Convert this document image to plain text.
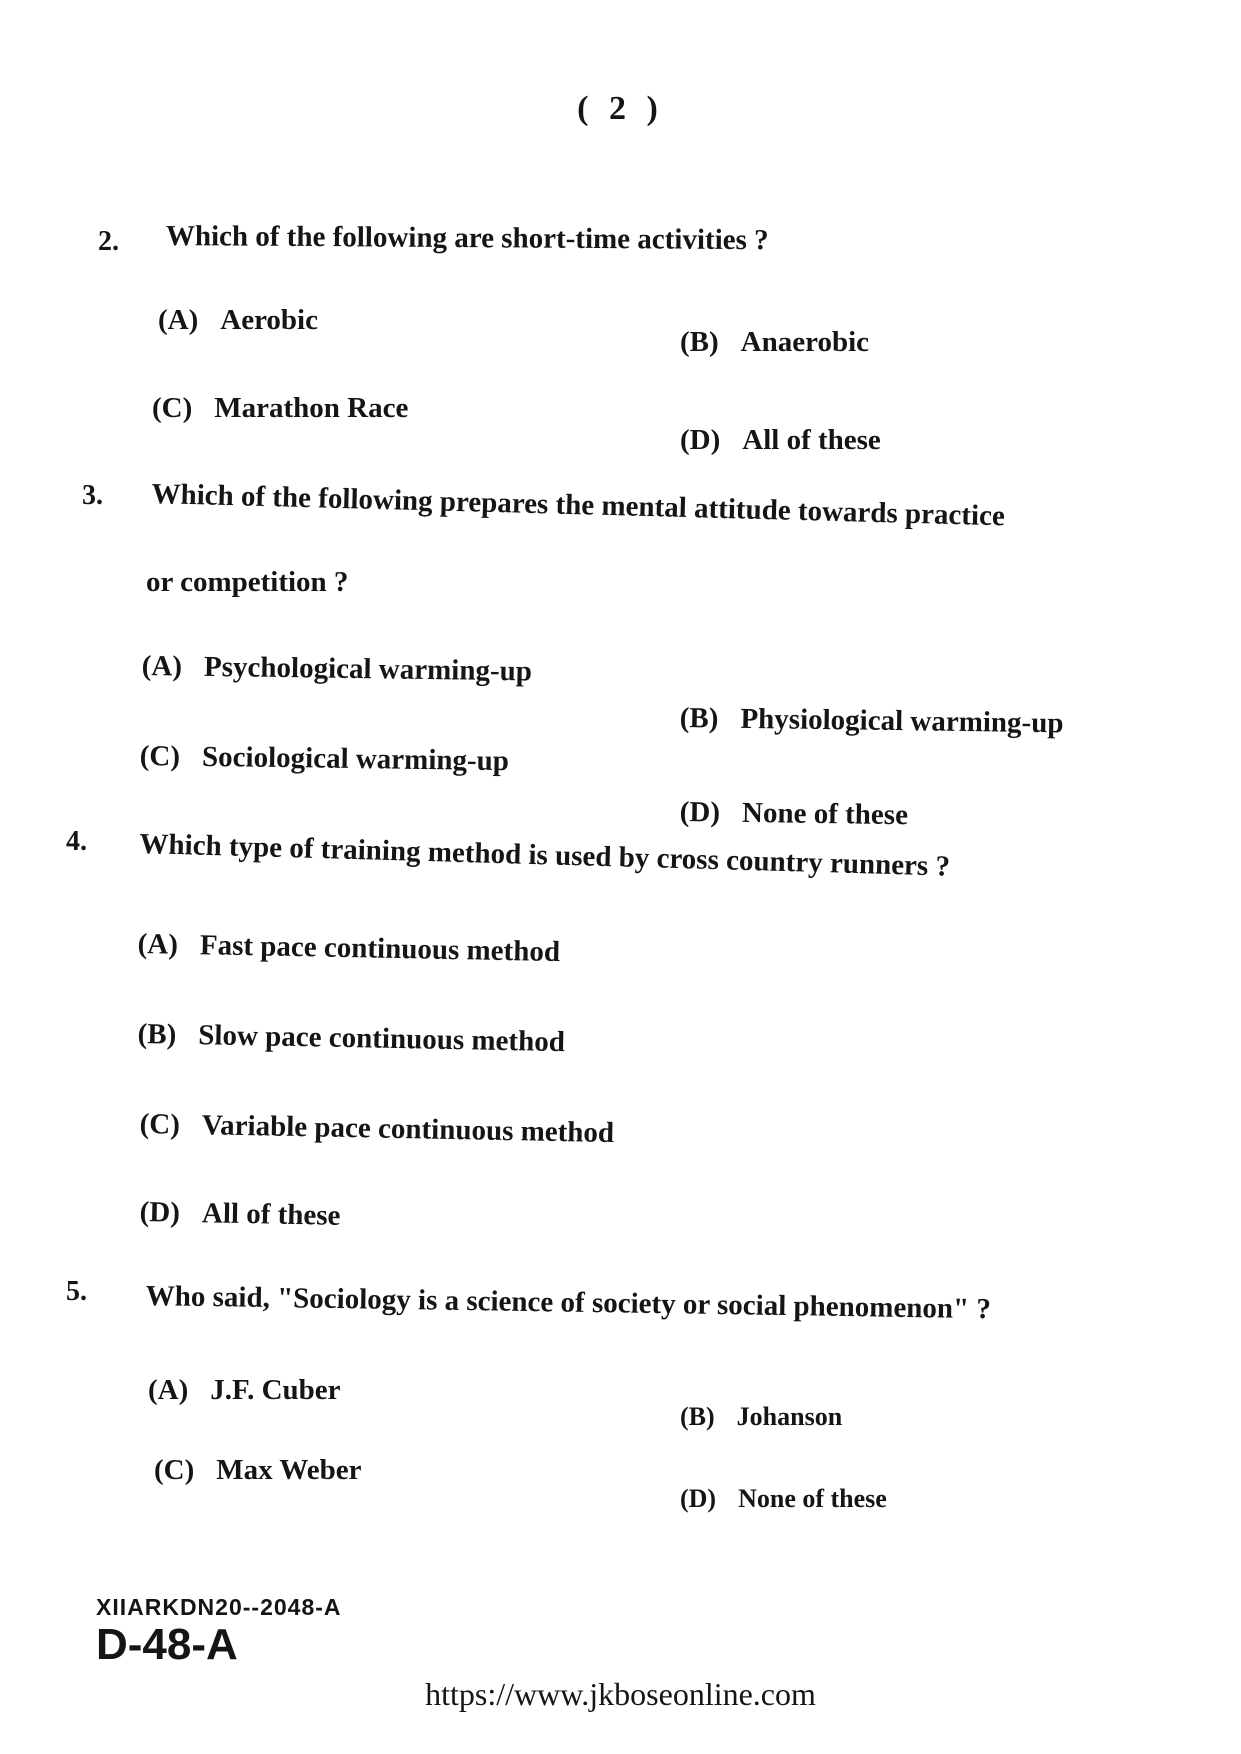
( 2 )
2. Which of the following are short-time activities ?
(A) Aerobic
(B) Anaerobic
(C) Marathon Race
(D) All of these
3. Which of the following prepares the mental attitude towards practice
or competition ?
(A) Psychological warming-up
(B) Physiological warming-up
(C) Sociological warming-up
(D) None of these
4. Which type of training method is used by cross country runners ?
(A) Fast pace continuous method
(B) Slow pace continuous method
(C) Variable pace continuous method
(D) All of these
5. Who said, "Sociology is a science of society or social phenomenon" ?
(A) J.F. Cuber
(B) Johanson
(C) Max Weber
(D) None of these
XIIARKDN20--2048-A
D-48-A
https://www.jkboseonline.com
